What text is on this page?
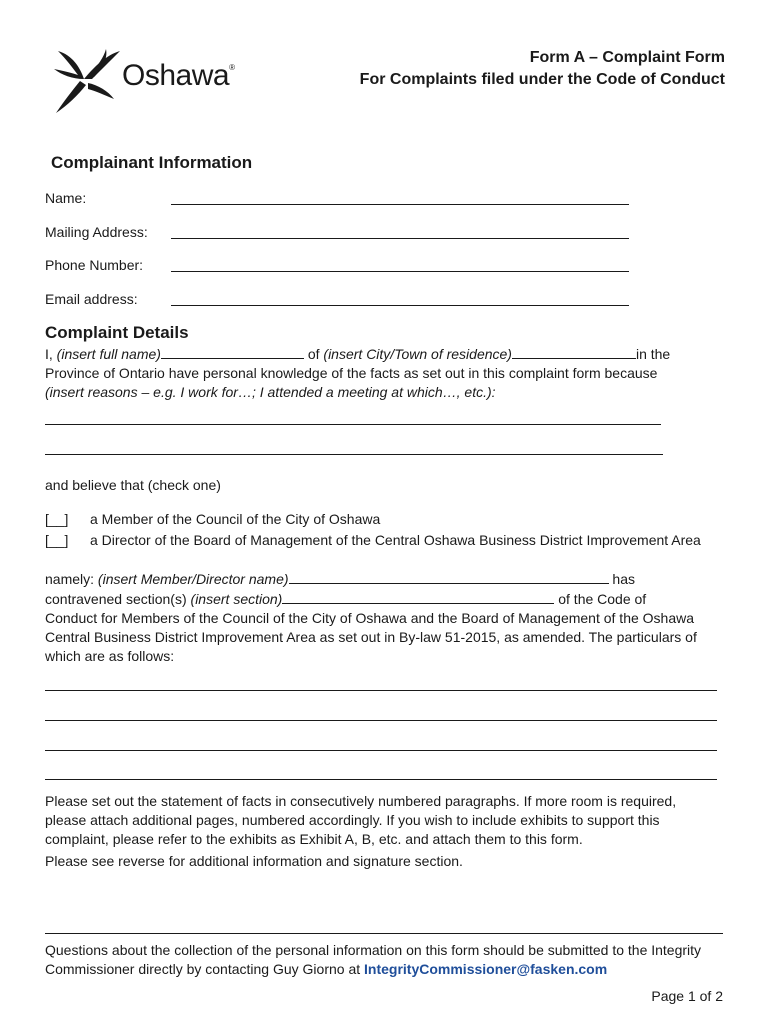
Oshawa®
Form A – Complaint Form
For Complaints filed under the Code of Conduct
Complainant Information
Name:
Mailing Address:
Phone Number:
Email address:
Complaint Details
I, (insert full name)	of (insert City/Town of residence)	in the
Province of Ontario have personal knowledge of the facts as set out in this complaint form because
(insert reasons – e.g. I work for…; I attended a meeting at which…, etc.):
and believe that (check one)
[__] a Member of the Council of the City of Oshawa
[__] a Director of the Board of Management of the Central Oshawa Business District Improvement Area
namely: (insert Member/Director name)	has
contravened section(s) (insert section)	of the Code of
Conduct for Members of the Council of the City of Oshawa and the Board of Management of the Oshawa Central Business District Improvement Area as set out in By-law 51-2015, as amended. The particulars of which are as follows:
Please set out the statement of facts in consecutively numbered paragraphs. If more room is required, please attach additional pages, numbered accordingly. If you wish to include exhibits to support this complaint, please refer to the exhibits as Exhibit A, B, etc. and attach them to this form.
Please see reverse for additional information and signature section.
Questions about the collection of the personal information on this form should be submitted to the Integrity Commissioner directly by contacting Guy Giorno at IntegrityCommissioner@fasken.com
Page 1 of 2
